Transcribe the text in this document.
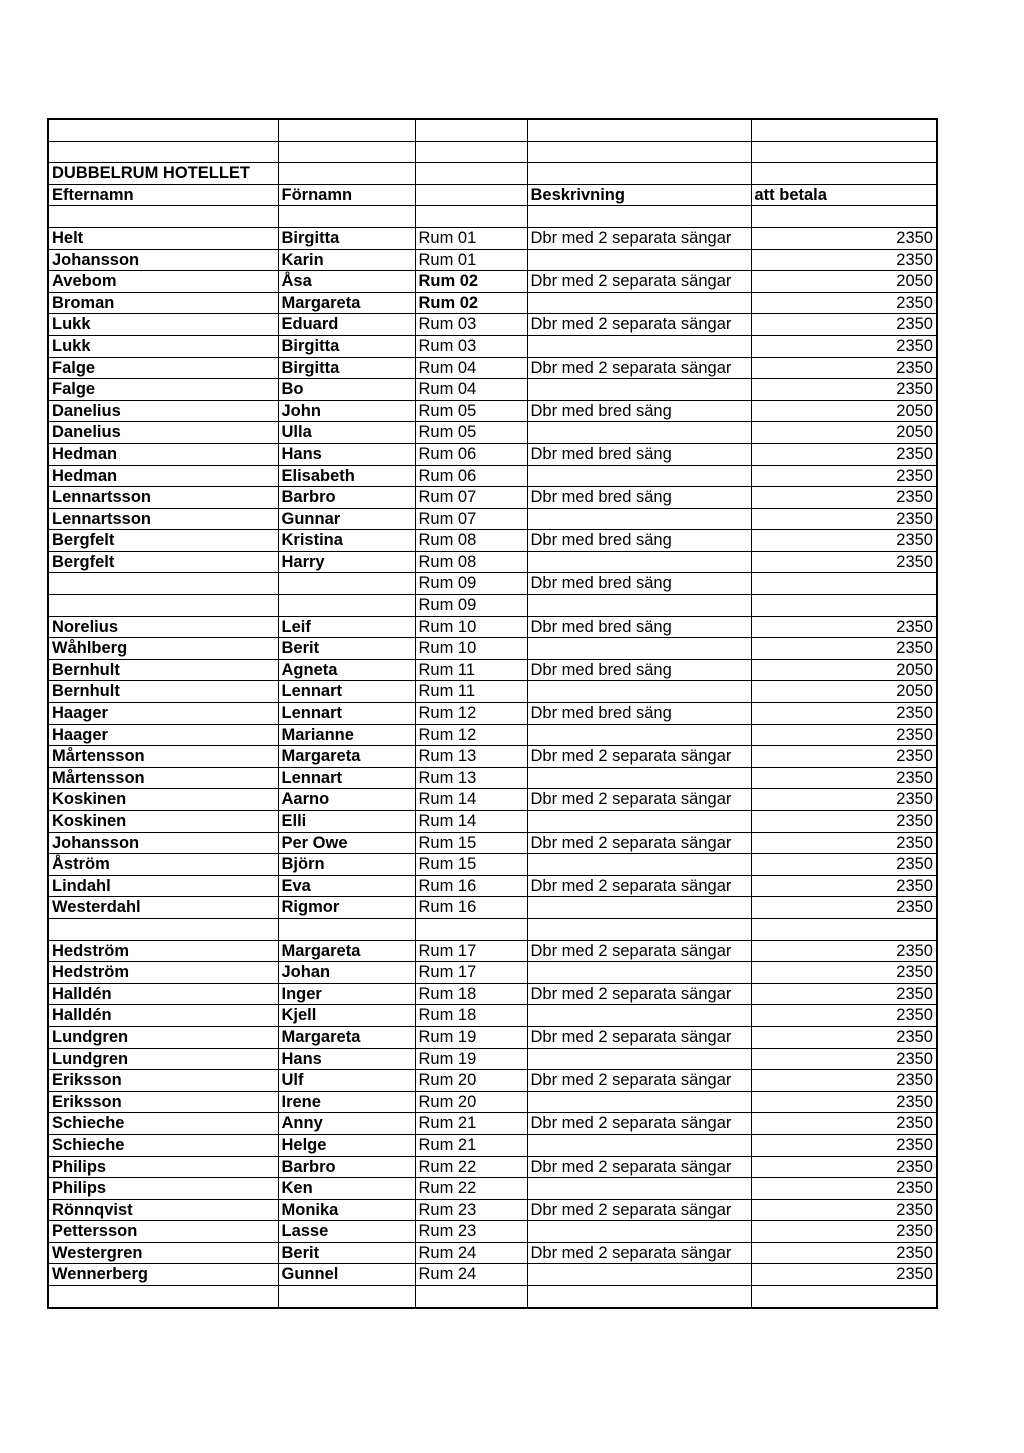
DUBBELRUM HOTELLET				
Efternamn	Förnamn		Beskrivning	att betala

Helt	Birgitta	Rum 01	Dbr med 2 separata sängar	2350
Johansson	Karin	Rum 01		2350
Avebom	Åsa	Rum 02	Dbr med 2 separata sängar	2050
Broman	Margareta	Rum 02		2350
Lukk	Eduard	Rum 03	Dbr med 2 separata sängar	2350
Lukk	Birgitta	Rum 03		2350
Falge	Birgitta	Rum 04	Dbr med 2 separata sängar	2350
Falge	Bo	Rum 04		2350
Danelius	John	Rum 05	Dbr med bred säng	2050
Danelius	Ulla	Rum 05		2050
Hedman	Hans	Rum 06	Dbr med bred säng	2350
Hedman	Elisabeth	Rum 06		2350
Lennartsson	Barbro	Rum 07	Dbr med bred säng	2350
Lennartsson	Gunnar	Rum 07		2350
Bergfelt	Kristina	Rum 08	Dbr med bred säng	2350
Bergfelt	Harry	Rum 08		2350
		Rum 09	Dbr med bred säng	
		Rum 09		
Norelius	Leif	Rum 10	Dbr med bred säng	2350
Wåhlberg	Berit	Rum 10		2350
Bernhult	Agneta	Rum 11	Dbr med bred säng	2050
Bernhult	Lennart	Rum 11		2050
Haager	Lennart	Rum 12	Dbr med bred säng	2350
Haager	Marianne	Rum 12		2350
Mårtensson	Margareta	Rum 13	Dbr med 2 separata sängar	2350
Mårtensson	Lennart	Rum 13		2350
Koskinen	Aarno	Rum 14	Dbr med 2 separata sängar	2350
Koskinen	Elli	Rum 14		2350
Johansson	Per Owe	Rum 15	Dbr med 2 separata sängar	2350
Åström	Björn	Rum 15		2350
Lindahl	Eva	Rum 16	Dbr med 2 separata sängar	2350
Westerdahl	Rigmor	Rum 16		2350

Hedström	Margareta	Rum 17	Dbr med 2 separata sängar	2350
Hedström	Johan	Rum 17		2350
Halldén	Inger	Rum 18	Dbr med 2 separata sängar	2350
Halldén	Kjell	Rum 18		2350
Lundgren	Margareta	Rum 19	Dbr med 2 separata sängar	2350
Lundgren	Hans	Rum 19		2350
Eriksson	Ulf	Rum 20	Dbr med 2 separata sängar	2350
Eriksson	Irene	Rum 20		2350
Schieche	Anny	Rum 21	Dbr med 2 separata sängar	2350
Schieche	Helge	Rum 21		2350
Philips	Barbro	Rum 22	Dbr med 2 separata sängar	2350
Philips	Ken	Rum 22		2350
Rönnqvist	Monika	Rum 23	Dbr med 2 separata sängar	2350
Pettersson	Lasse	Rum 23		2350
Westergren	Berit	Rum 24	Dbr med 2 separata sängar	2350
Wennerberg	Gunnel	Rum 24		2350
